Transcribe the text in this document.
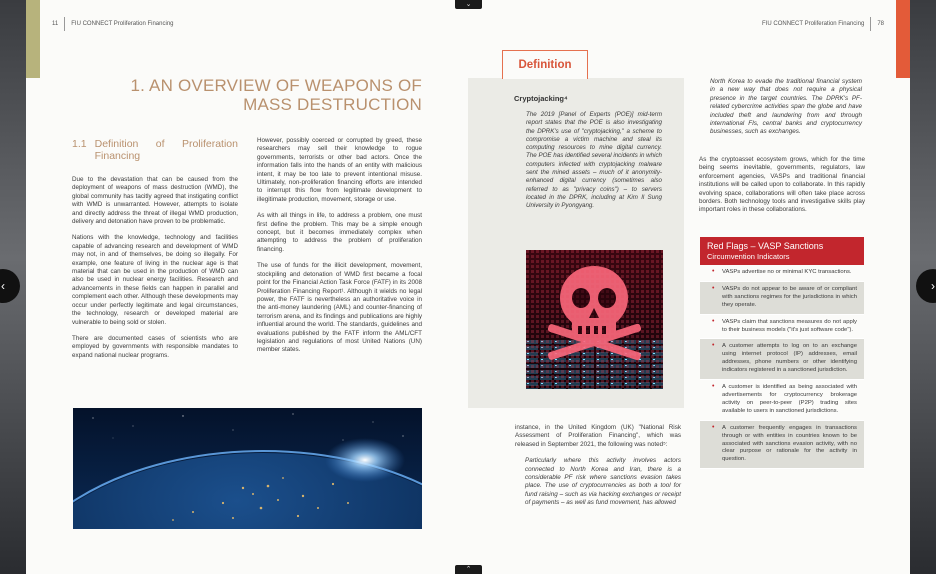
11 FIU CONNECT Proliferation Financing
1. AN OVERVIEW OF WEAPONS OF MASS DESTRUCTION
1.1 Definition of Proliferation Financing

Due to the devastation that can be caused from the deployment of weapons of mass destruction (WMD), the global community has tacitly agreed that instigating conflict with WMD is unwarranted. However, attempts to isolate and directly address the threat of illegal WMD production, delivery and detonation have proven to be problematic.

Nations with the knowledge, technology and facilities capable of advancing research and development of WMD may not, in and of themselves, be doing so illegally. For example, one feature of living in the nuclear age is that material that can be used in the production of WMD can also be used in nuclear energy facilities. Research and advancements in these fields can happen in parallel and complement each other. Although these developments may occur under perfectly legitimate and legal circumstances, the technology, research or developed material are vulnerable to being sold or stolen.

There are documented cases of scientists who are employed by governments with responsible mandates to expand national nuclear programs.

However, possibly coerced or corrupted by greed, these researchers may sell their knowledge to rogue governments, terrorists or other bad actors. Once the information falls into the hands of an entity with malicious intent, it may be too late to prevent intentional misuse. Ultimately, non-proliferation financing efforts are intended to interrupt this flow from legitimate development to illegitimate production, movement, storage or use.

As with all things in life, to address a problem, one must first define the problem. This may be a simple enough concept, but it becomes immediately complex when attempting to address the problem of proliferation financing.

The use of funds for the illicit development, movement, stockpiling and detonation of WMD first became a focal point for the Financial Action Task Force (FATF) in its 2008 Proliferation Financing Report¹. Although it wields no legal power, the FATF is nevertheless an authoritative voice in the anti-money laundering (AML) and counter-financing of terrorism arena, and its findings and publications are highly influential around the world. The standards, guidelines and evaluations published by the FATF inform the AML/CFT legislation and regulations of most United Nations (UN) member states.

FIU CONNECT Proliferation Financing 78
Definition
Cryptojacking⁴
The 2019 [Panel of Experts (POE)] mid-term report states that the POE is also investigating the DPRK's use of "cryptojacking," a scheme to compromise a victim machine and steal its computing resources to mine digital currency. The POE has identified several incidents in which computers infected with cryptojacking malware sent the mined assets – much of it anonymity-enhanced digital currency (sometimes also referred to as "privacy coins") – to servers located in the DPRK, including at Kim Il Sung University in Pyongyang.

instance, in the United Kingdom (UK) "National Risk Assessment of Proliferation Financing", which was released in September 2021, the following was noted⁵:

Particularly where this activity involves actors connected to North Korea and Iran, there is a considerable PF risk where sanctions evasion takes place. The use of cryptocurrencies as both a tool for fund raising – such as via hacking exchanges or receipt of payments – as well as fund movement, has allowed

North Korea to evade the traditional financial system in a new way that does not require a physical presence in the target countries. The DPRK's PF-related cybercrime activities span the globe and have included theft and laundering from and through international FIs, central banks and cryptocurrency businesses, such as exchanges.
As the cryptoasset ecosystem grows, which for the time being seems inevitable, governments, regulators, law enforcement agencies, VASPs and traditional financial institutions will be called upon to collaborate. In this rapidly evolving space, collaborations will often take place across borders. Both technology tools and investigative skills play important roles in these collaborations.
Red Flags – VASP Sanctions
Circumvention Indicators
• VASPs advertise no or minimal KYC transactions.
• VASPs do not appear to be aware of or compliant with sanctions regimes for the jurisdictions in which they operate.
• VASPs claim that sanctions measures do not apply to their business models ("it's just software code").
• A customer attempts to log on to an exchange using internet protocol (IP) addresses, email addresses, phone numbers or other identifying indicators registered in a sanctioned jurisdiction.
• A customer is identified as being associated with advertisements for cryptocurrency brokerage activity on peer-to-peer (P2P) trading sites available to users in sanctioned jurisdictions.
• A customer frequently engages in transactions through or with entities in countries known to be associated with sanctions evasion activity, with no clear purpose or rationale for the activity in question.
‹	›
⌄
⌃
